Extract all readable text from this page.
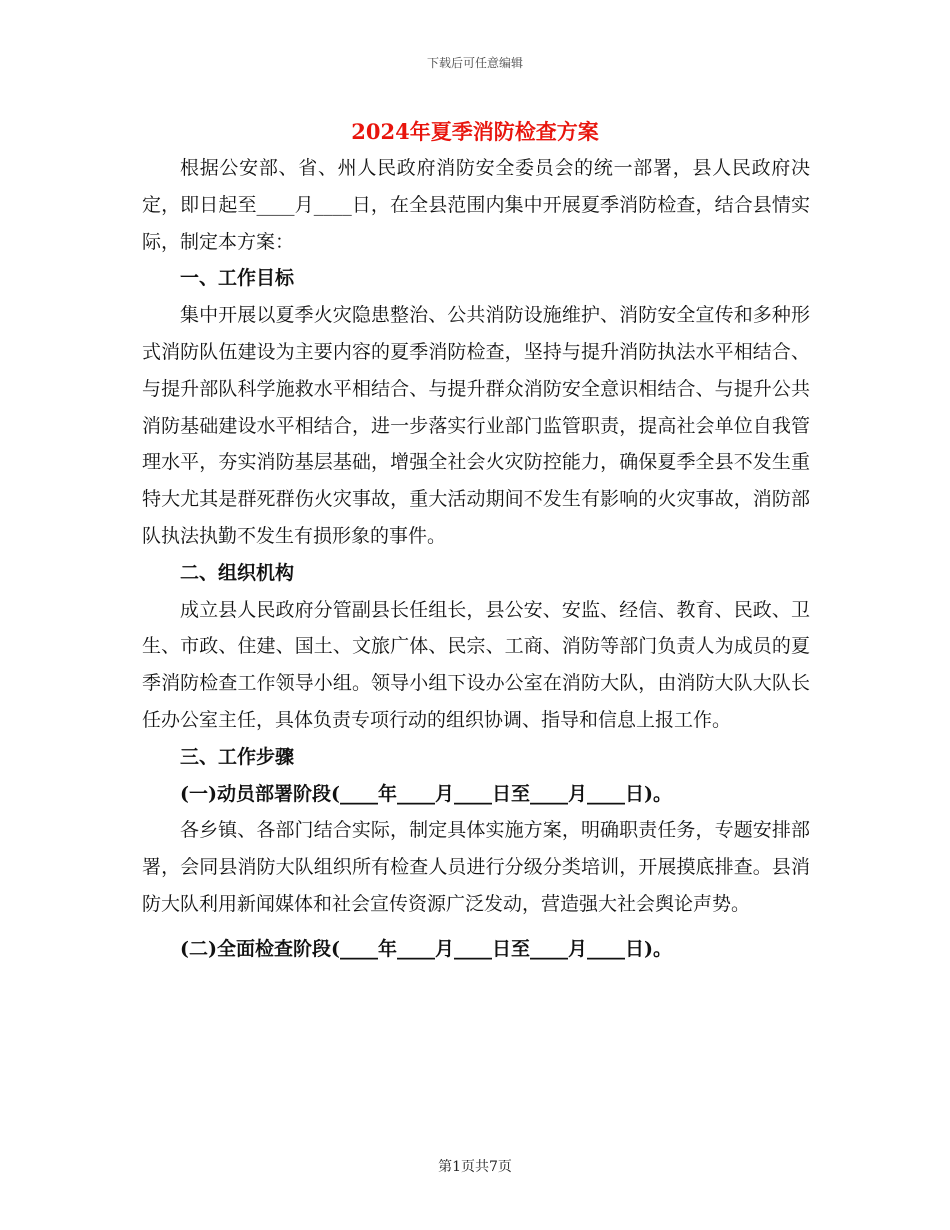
下载后可任意编辑
2024年夏季消防检查方案

根据公安部、省、州人民政府消防安全委员会的统一部署，县人民政府决定，即日起至____月____日，在全县范围内集中开展夏季消防检查，结合县情实际，制定本方案：

一、工作目标

集中开展以夏季火灾隐患整治、公共消防设施维护、消防安全宣传和多种形式消防队伍建设为主要内容的夏季消防检查，坚持与提升消防执法水平相结合、与提升部队科学施救水平相结合、与提升群众消防安全意识相结合、与提升公共消防基础建设水平相结合，进一步落实行业部门监管职责，提高社会单位自我管理水平，夯实消防基层基础，增强全社会火灾防控能力，确保夏季全县不发生重特大尤其是群死群伤火灾事故，重大活动期间不发生有影响的火灾事故，消防部队执法执勤不发生有损形象的事件。

二、组织机构

成立县人民政府分管副县长任组长，县公安、安监、经信、教育、民政、卫生、市政、住建、国土、文旅广体、民宗、工商、消防等部门负责人为成员的夏季消防检查工作领导小组。领导小组下设办公室在消防大队，由消防大队大队长任办公室主任，具体负责专项行动的组织协调、指导和信息上报工作。

三、工作步骤

(一)动员部署阶段(____年____月____日至____月____日)。

各乡镇、各部门结合实际，制定具体实施方案，明确职责任务，专题安排部署，会同县消防大队组织所有检查人员进行分级分类培训，开展摸底排查。县消防大队利用新闻媒体和社会宣传资源广泛发动，营造强大社会舆论声势。

(二)全面检查阶段(____年____月____日至____月____日)。

第1页共7页
